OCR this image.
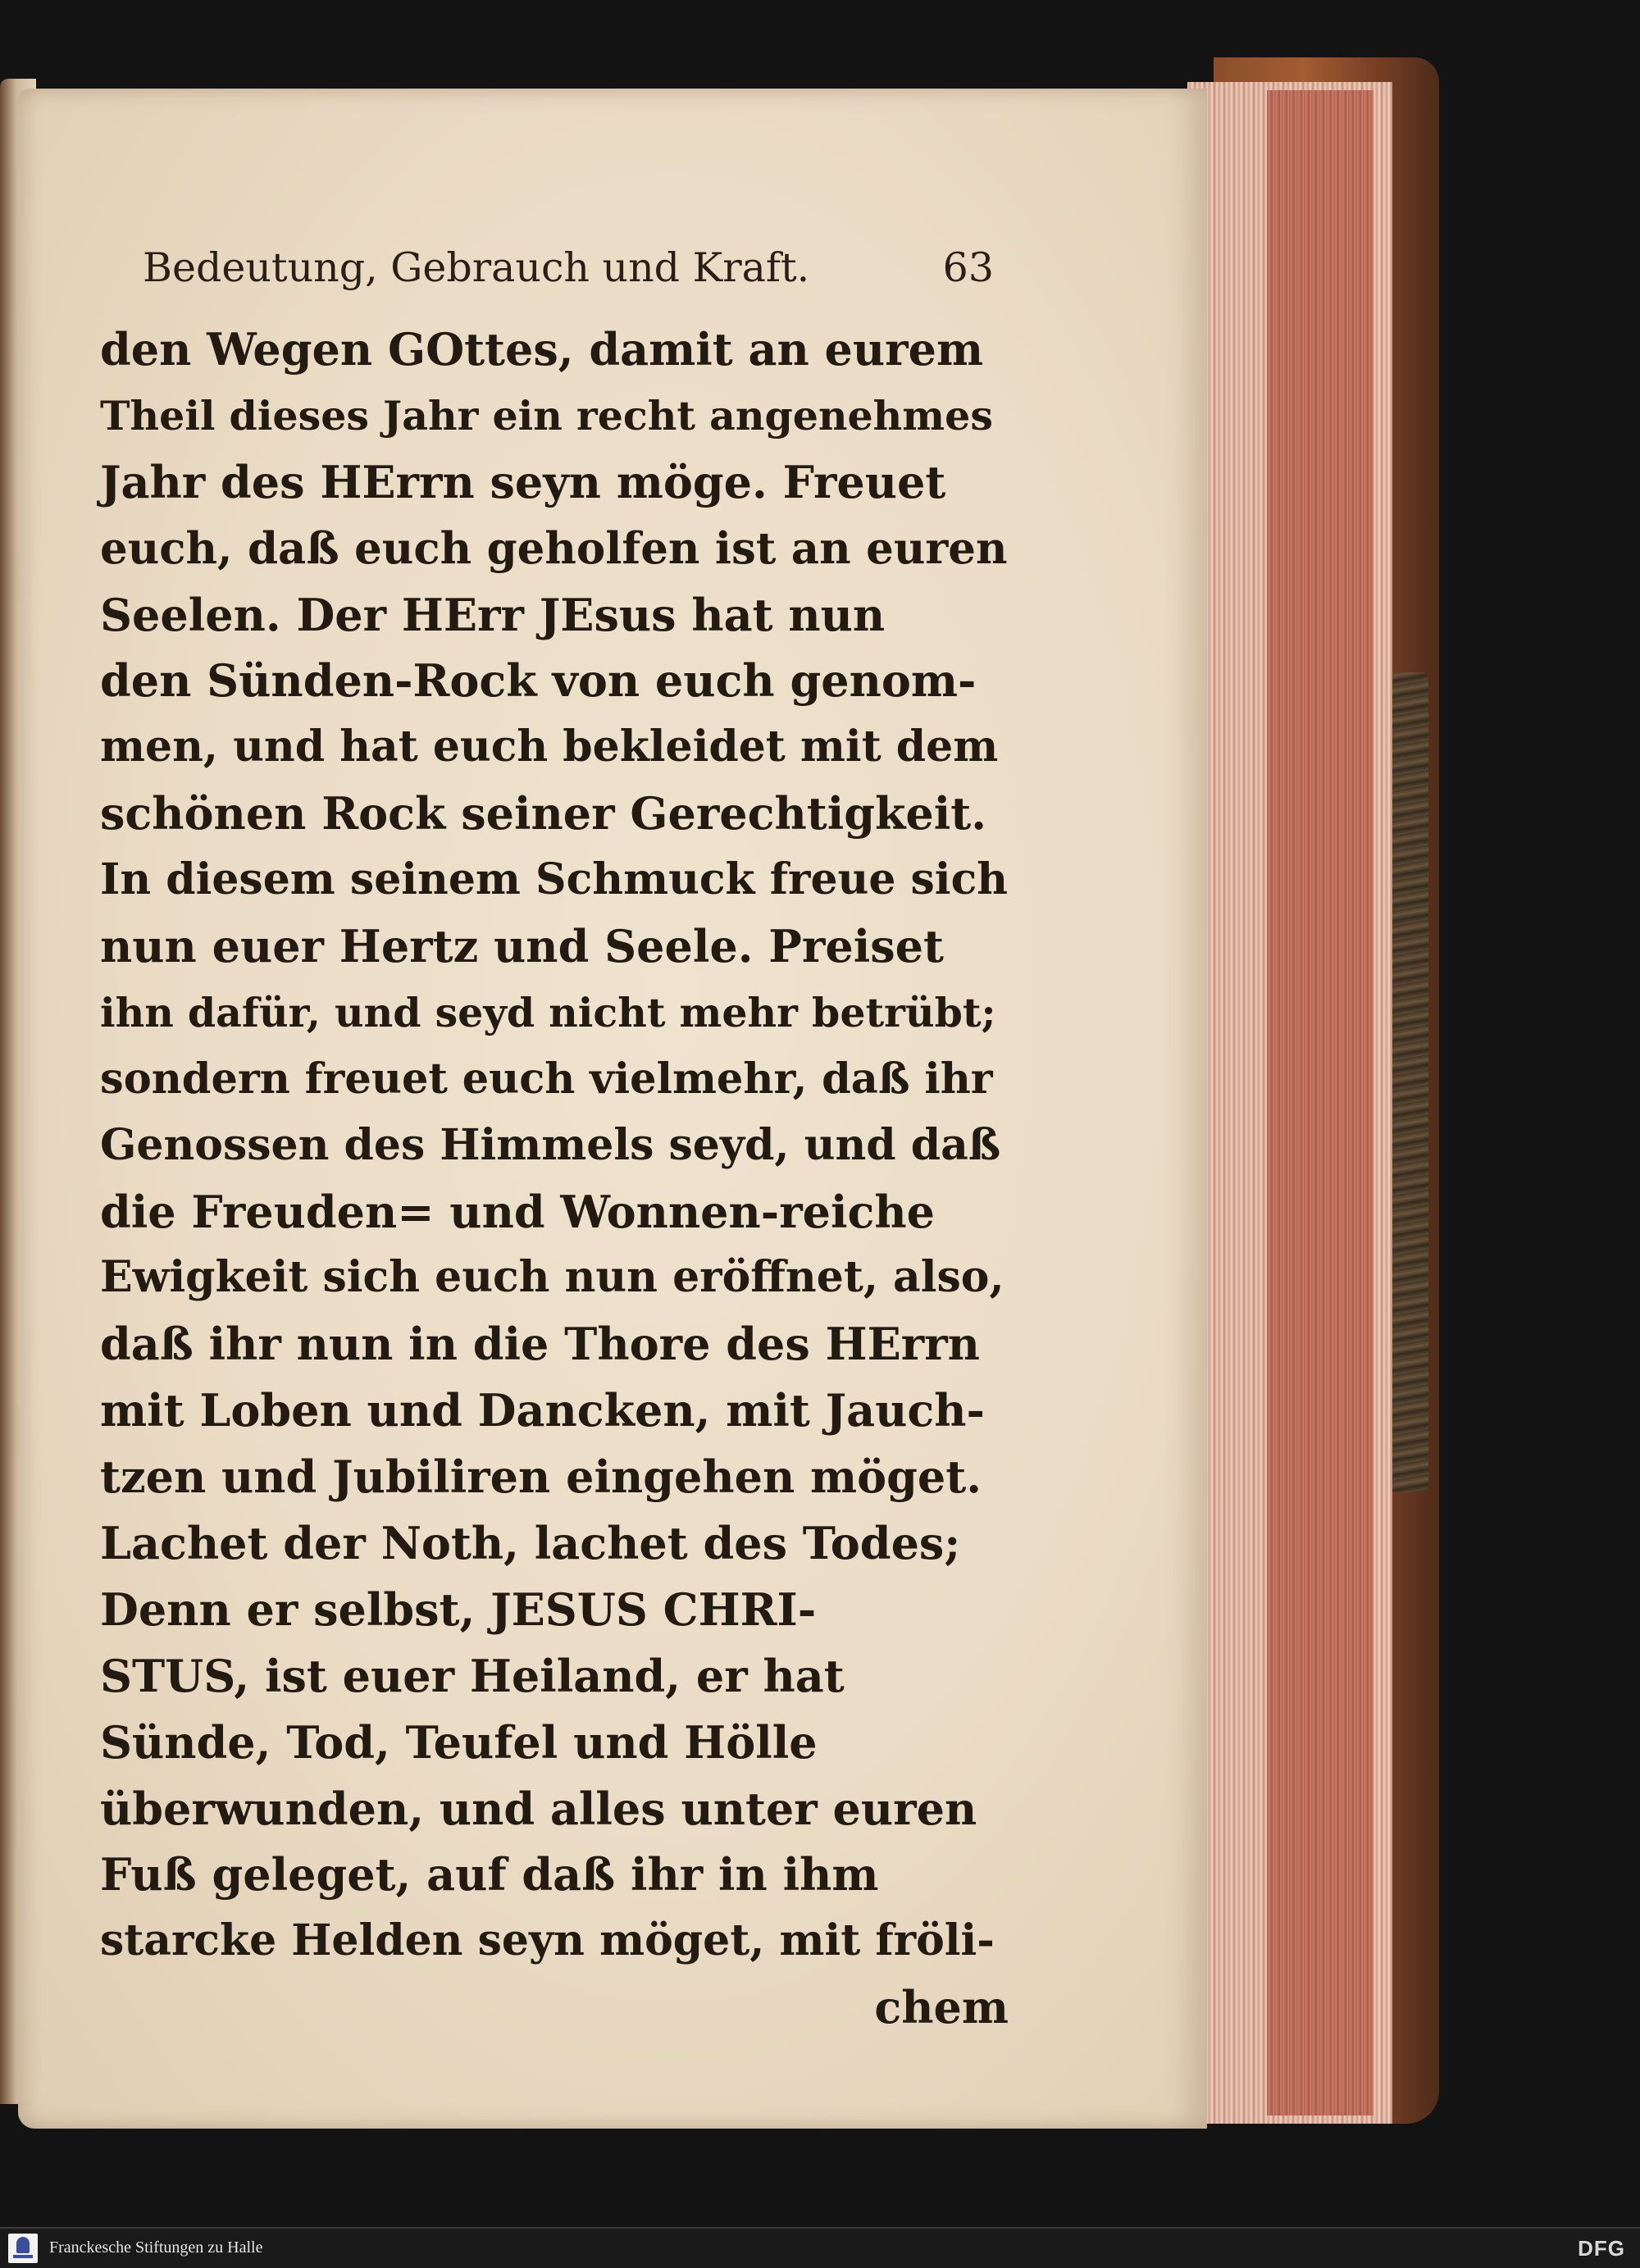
Bedeutung, Gebrauch und Kraft.	63
den Wegen GOttes, damit an eurem
Theil dieses Jahr ein recht angenehmes
Jahr des HErrn seyn möge. Freuet
euch, daß euch geholfen ist an euren
Seelen. Der HErr JEsus hat nun
den Sünden-Rock von euch genom-
men, und hat euch bekleidet mit dem
schönen Rock seiner Gerechtigkeit.
In diesem seinem Schmuck freue sich
nun euer Hertz und Seele. Preiset
ihn dafür, und seyd nicht mehr betrübt;
sondern freuet euch vielmehr, daß ihr
Genossen des Himmels seyd, und daß
die Freuden= und Wonnen-reiche
Ewigkeit sich euch nun eröffnet, also,
daß ihr nun in die Thore des HErrn
mit Loben und Dancken, mit Jauch-
tzen und Jubiliren eingehen möget.
Lachet der Noth, lachet des Todes;
Denn er selbst, JESUS CHRI-
STUS, ist euer Heiland, er hat
Sünde, Tod, Teufel und Hölle
überwunden, und alles unter euren
Fuß geleget, auf daß ihr in ihm
starcke Helden seyn möget, mit fröli-
chem
Franckesche Stiftungen zu Halle	DFG
